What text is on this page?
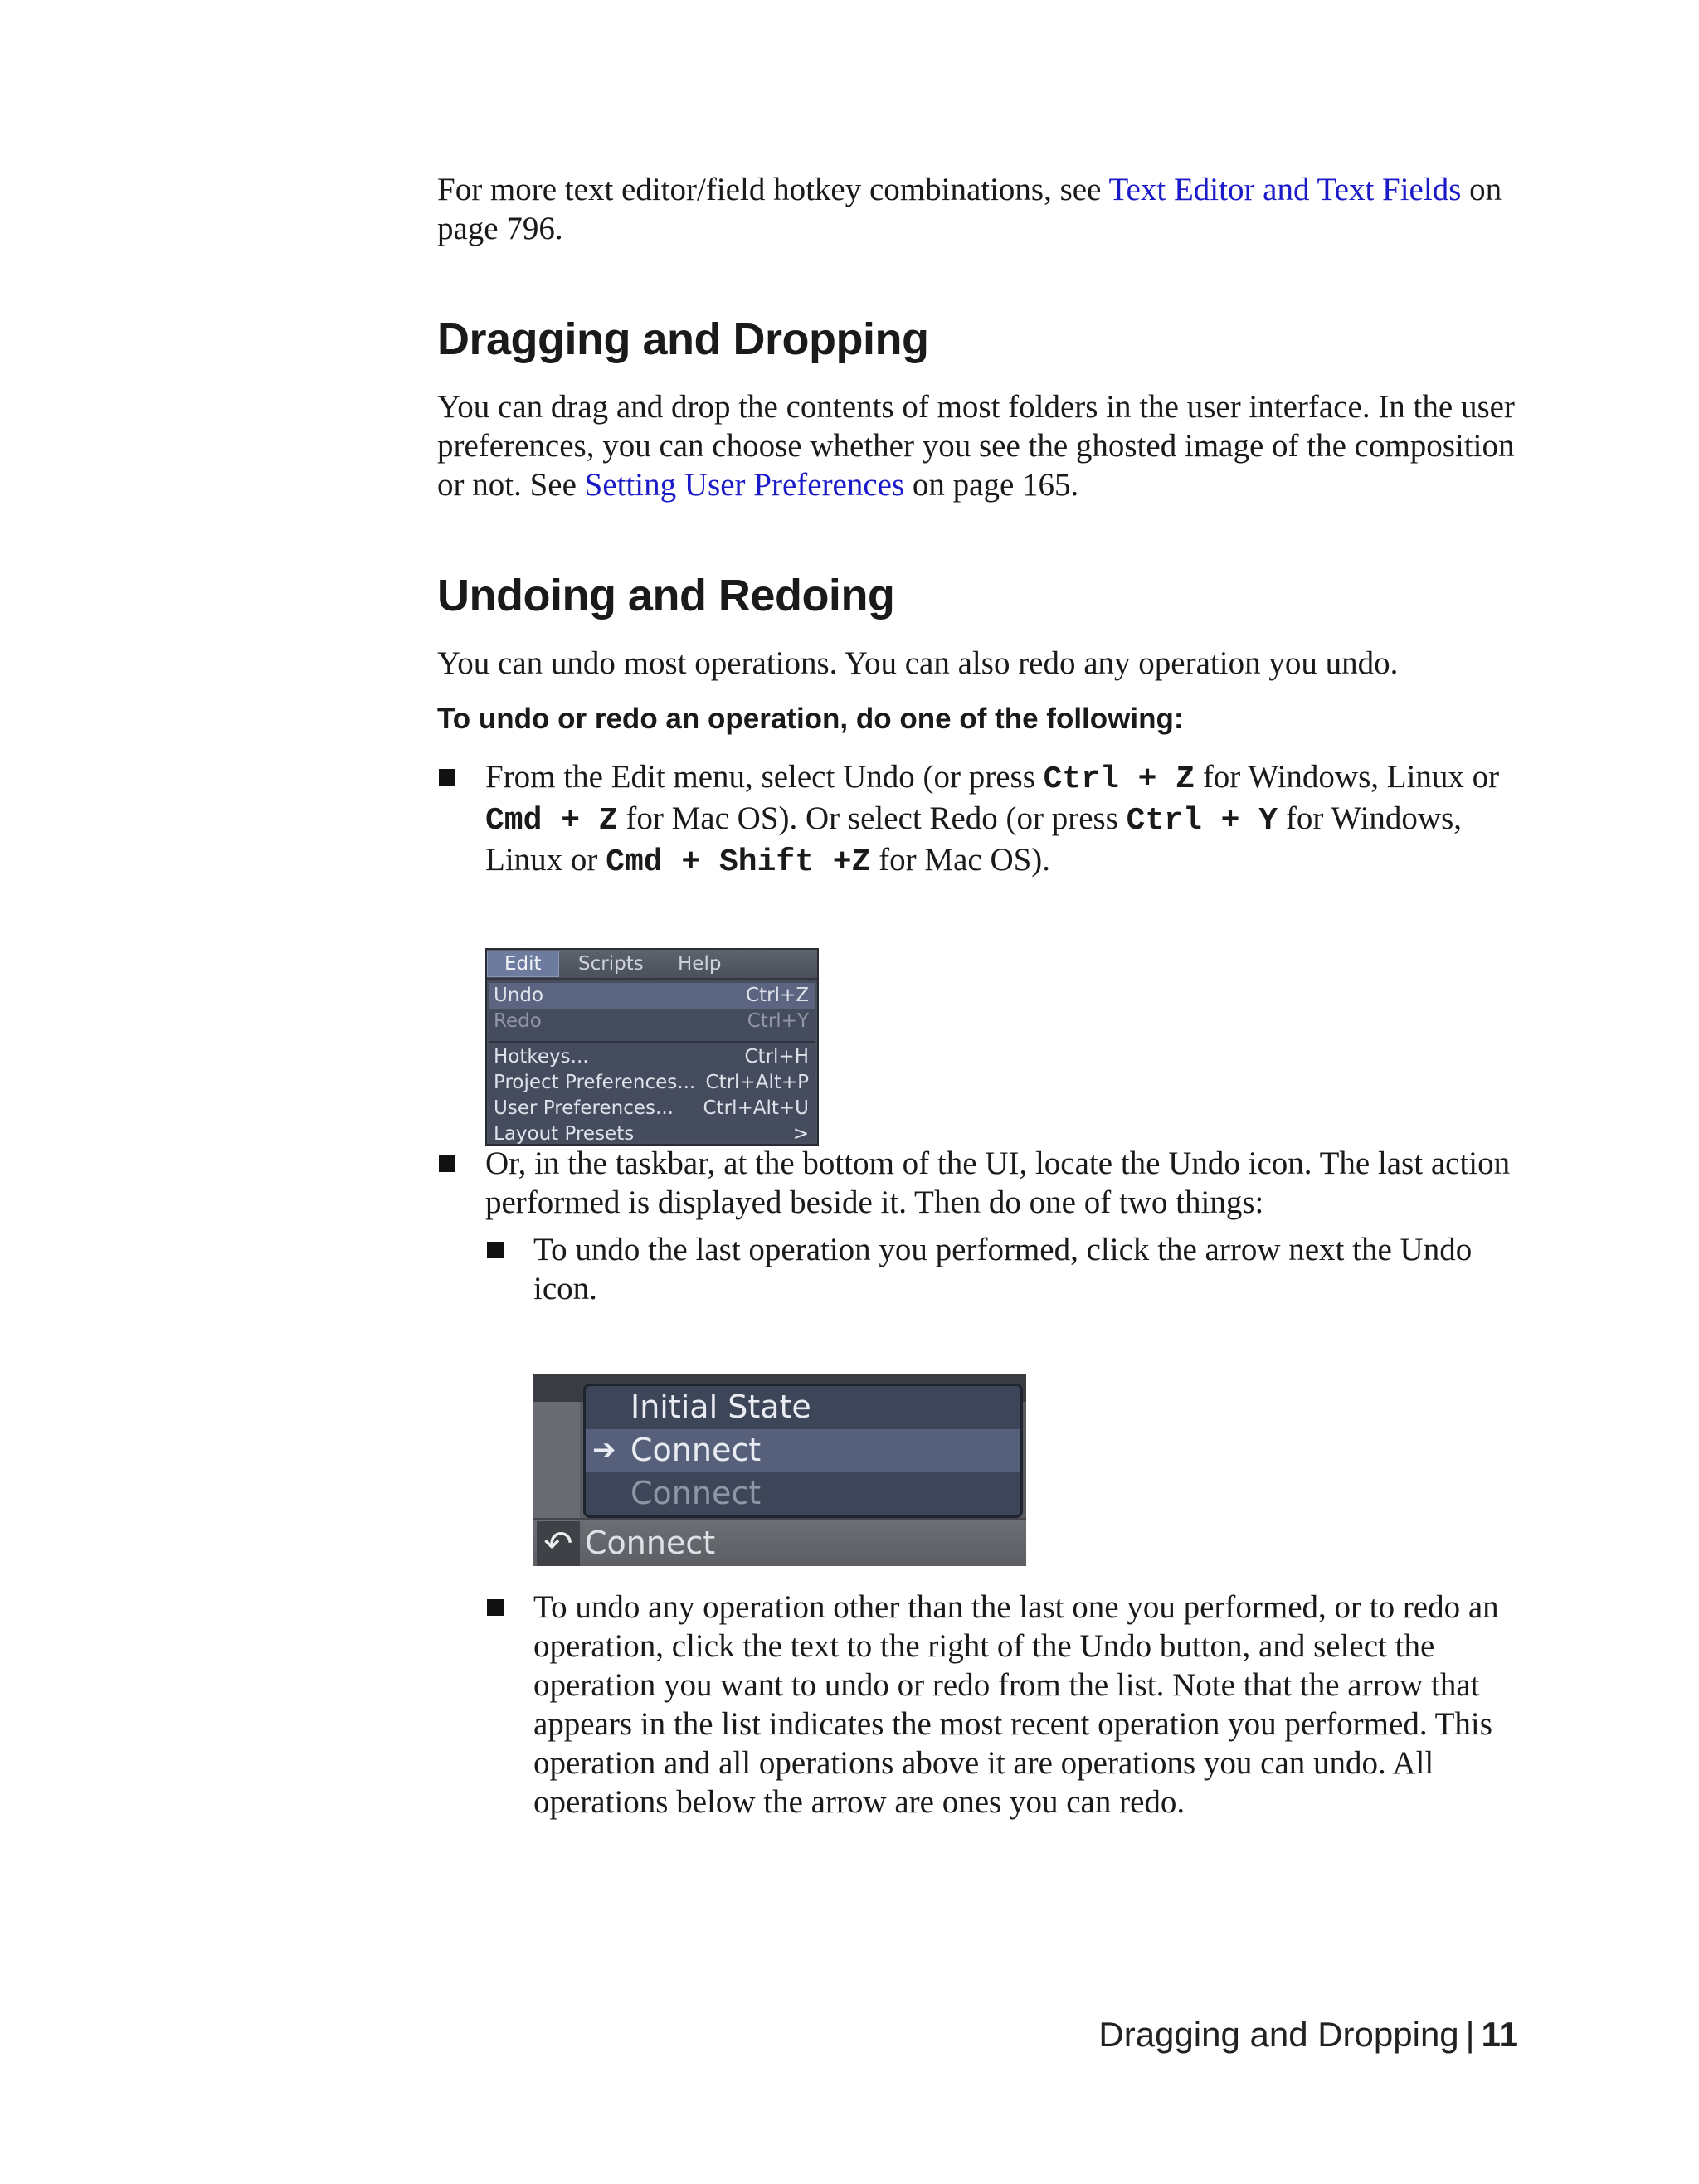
For more text editor/field hotkey combinations, see Text Editor and Text Fields on page 796.

Dragging and Dropping

You can drag and drop the contents of most folders in the user interface. In the user preferences, you can choose whether you see the ghosted image of the composition or not. See Setting User Preferences on page 165.

Undoing and Redoing

You can undo most operations. You can also redo any operation you undo.

To undo or redo an operation, do one of the following:

From the Edit menu, select Undo (or press Ctrl + Z for Windows, Linux or Cmd + Z for Mac OS). Or select Redo (or press Ctrl + Y for Windows, Linux or Cmd + Shift +Z for Mac OS).

Or, in the taskbar, at the bottom of the UI, locate the Undo icon. The last action performed is displayed beside it. Then do one of two things:

To undo the last operation you performed, click the arrow next the Undo icon.

To undo any operation other than the last one you performed, or to redo an operation, click the text to the right of the Undo button, and select the operation you want to undo or redo from the list. Note that the arrow that appears in the list indicates the most recent operation you performed. This operation and all operations above it are operations you can undo. All operations below the arrow are ones you can redo.

Edit	Scripts Help
Undo	Ctrl+Z
Redo	Ctrl+Y
Hotkeys...	Ctrl+H
Project Preferences... Ctrl+Alt+P
User Preferences... Ctrl+Alt+U
Layout Presets	>
Initial State
➔ Connect
Connect
↶ Connect
Dragging and Dropping | 11
